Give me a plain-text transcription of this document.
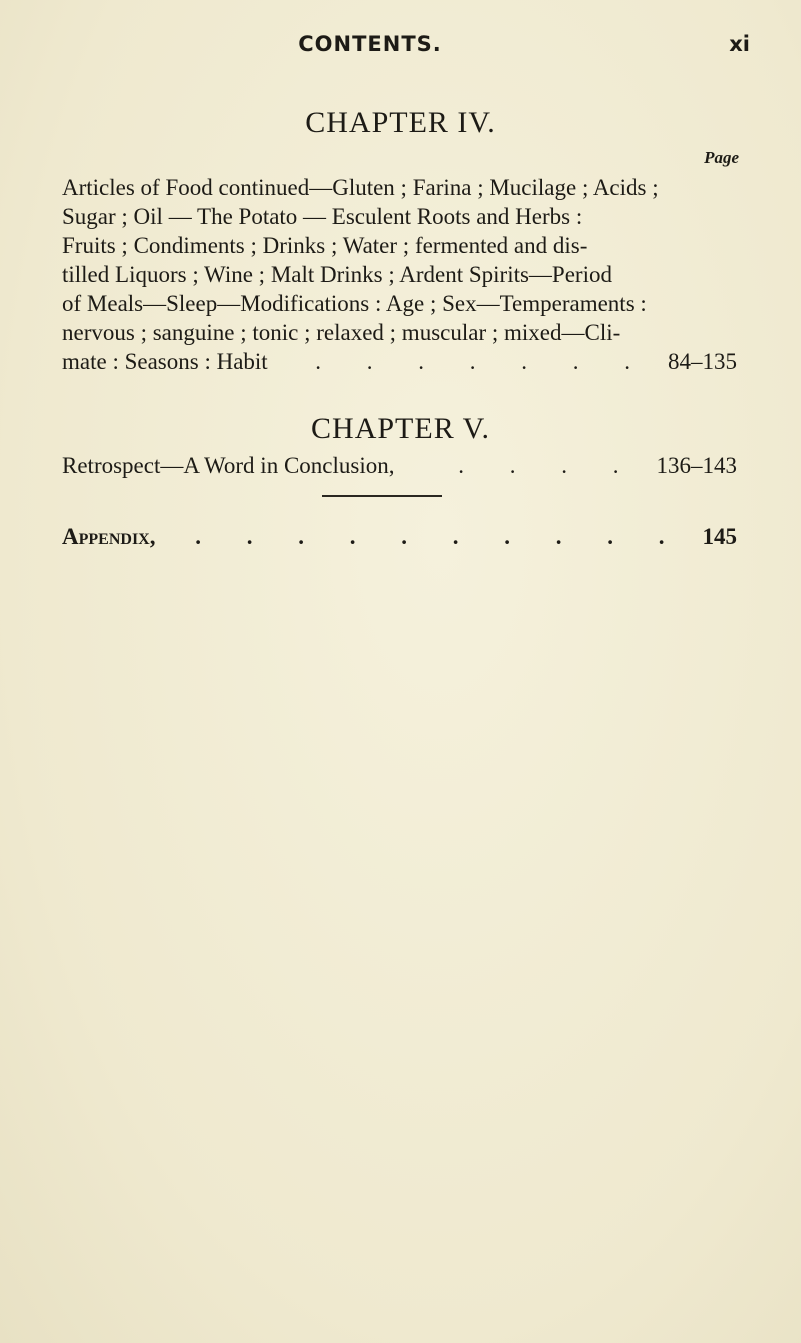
CONTENTS.	xi
CHAPTER IV.
Page
Articles of Food continued—Gluten ; Farina ; Mucilage ; Acids ;
Sugar ; Oil — The Potato — Esculent Roots and Herbs :
Fruits ; Condiments ; Drinks ; Water ; fermented and dis-
tilled Liquors ; Wine ; Malt Drinks ; Ardent Spirits—Period
of Meals—Sleep—Modifications : Age ; Sex—Temperaments :
nervous ; sanguine ; tonic ; relaxed ; muscular ; mixed—Cli-
mate : Seasons : Habit	. . . . . . . 84–135
CHAPTER V.
Retrospect—A Word in Conclusion,	. . . . 136–143
Appendix,	. . . . . . . . . . 145
